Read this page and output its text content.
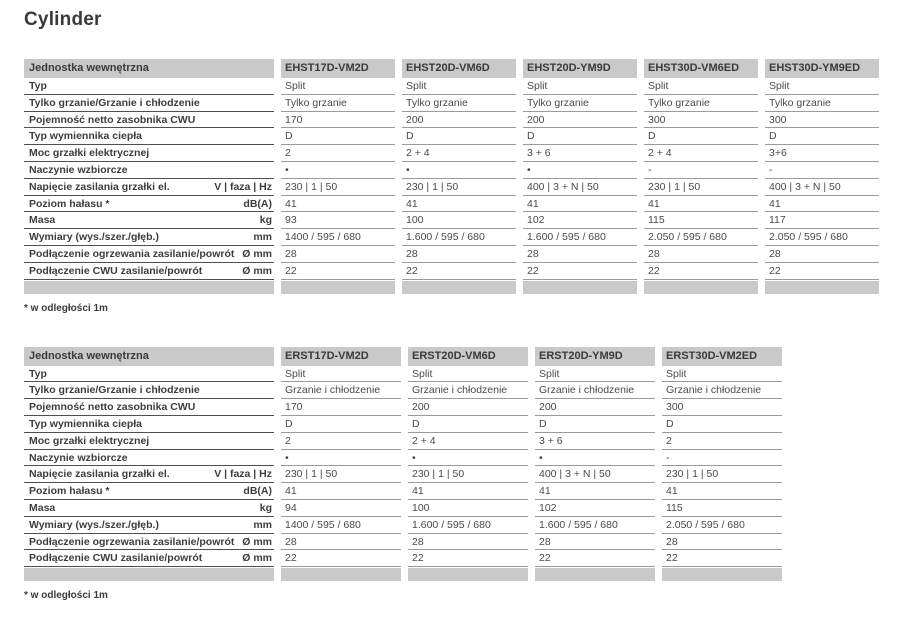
Cylinder
Jednostka wewnętrzna	EHST17D-VM2D	EHST20D-VM6D	EHST20D-YM9D	EHST30D-VM6ED	EHST30D-YM9ED
Typ	Split	Split	Split	Split	Split
Tylko grzanie/Grzanie i chłodzenie	Tylko grzanie	Tylko grzanie	Tylko grzanie	Tylko grzanie	Tylko grzanie
Pojemność netto zasobnika CWU	170	200	200	300	300
Typ wymiennika ciepła	D	D	D	D	D
Moc grzałki elektrycznej	2	2 + 4	3 + 6	2 + 4	3+6
Naczynie wzbiorcze	•	•	•	-	-
Napięcie zasilania grzałki el.	V | faza | Hz	230 | 1 | 50	230 | 1 | 50	400 | 3 + N | 50	230 | 1 | 50	400 | 3 + N | 50
Poziom hałasu *	dB(A)	41	41	41	41	41
Masa	kg	93	100	102	115	117
Wymiary (wys./szer./głęb.)	mm	1400 / 595 / 680	1.600 / 595 / 680	1.600 / 595 / 680	2.050 / 595 / 680	2.050 / 595 / 680
Podłączenie ogrzewania zasilanie/powrót Ø mm	28	28	28	28	28
Podłączenie CWU zasilanie/powrót	Ø mm	22	22	22	22	22

* w odległości 1m

Jednostka wewnętrzna	ERST17D-VM2D	ERST20D-VM6D	ERST20D-YM9D	ERST30D-VM2ED
Typ	Split	Split	Split	Split
Tylko grzanie/Grzanie i chłodzenie	Grzanie i chłodzenie	Grzanie i chłodzenie	Grzanie i chłodzenie	Grzanie i chłodzenie
Pojemność netto zasobnika CWU	170	200	200	300
Typ wymiennika ciepła	D	D	D	D
Moc grzałki elektrycznej	2	2 + 4	3 + 6	2
Naczynie wzbiorcze	•	•	•	-
Napięcie zasilania grzałki el.	V | faza | Hz	230 | 1 | 50	230 | 1 | 50	400 | 3 + N | 50	230 | 1 | 50
Poziom hałasu *	dB(A)	41	41	41	41
Masa	kg	94	100	102	115
Wymiary (wys./szer./głęb.)	mm	1400 / 595 / 680	1.600 / 595 / 680	1.600 / 595 / 680	2.050 / 595 / 680
Podłączenie ogrzewania zasilanie/powrót Ø mm	28	28	28	28
Podłączenie CWU zasilanie/powrót	Ø mm	22	22	22	22

* w odległości 1m
